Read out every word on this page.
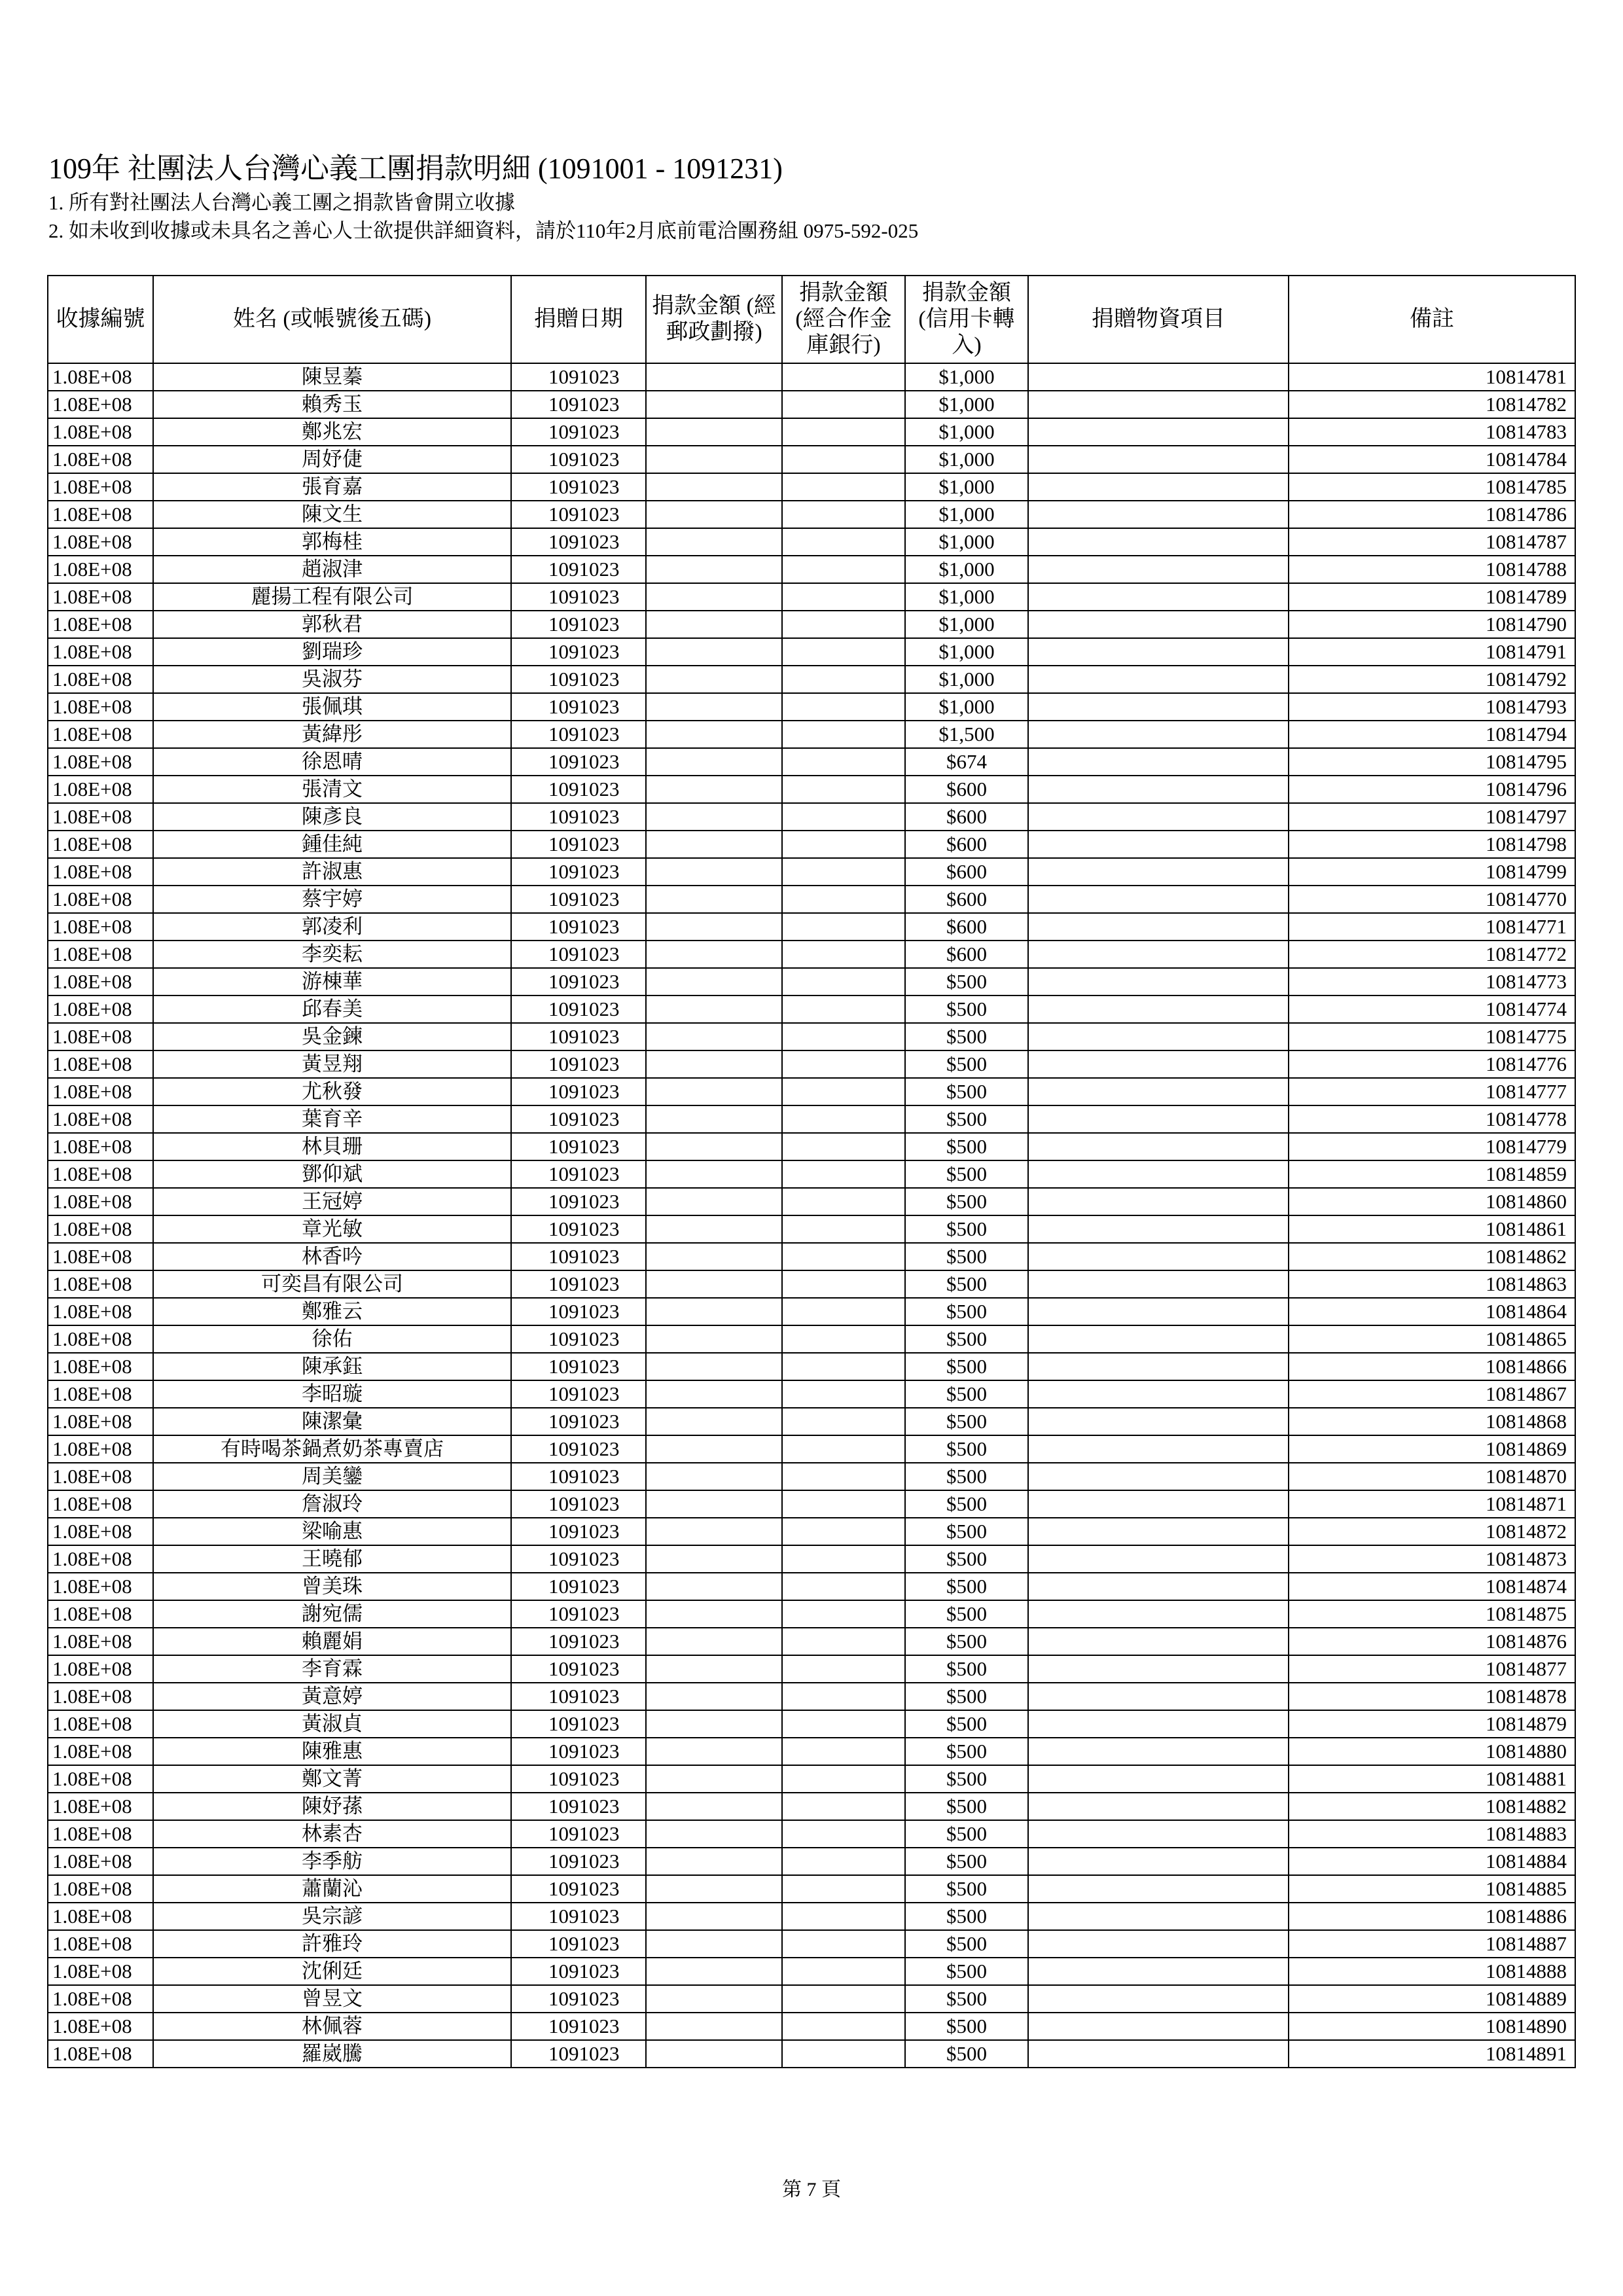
109年 社團法人台灣心義工團捐款明細 (1091001 - 1091231)
1. 所有對社團法人台灣心義工團之捐款皆會開立收據
2. 如未收到收據或未具名之善心人士欲提供詳細資料，請於110年2月底前電洽團務組 0975-592-025
收據編號	姓名 (或帳號後五碼)	捐贈日期	捐款金額 (經郵政劃撥)	捐款金額 (經合作金庫銀行)	捐款金額 (信用卡轉入)	捐贈物資項目	備註
1.08E+08	陳昱蓁	1091023			$1,000		10814781
1.08E+08	賴秀玉	1091023			$1,000		10814782
1.08E+08	鄭兆宏	1091023			$1,000		10814783
1.08E+08	周妤倢	1091023			$1,000		10814784
1.08E+08	張育嘉	1091023			$1,000		10814785
1.08E+08	陳文生	1091023			$1,000		10814786
1.08E+08	郭梅桂	1091023			$1,000		10814787
1.08E+08	趙淑津	1091023			$1,000		10814788
1.08E+08	麗揚工程有限公司	1091023			$1,000		10814789
1.08E+08	郭秋君	1091023			$1,000		10814790
1.08E+08	劉瑞珍	1091023			$1,000		10814791
1.08E+08	吳淑芬	1091023			$1,000		10814792
1.08E+08	張佩琪	1091023			$1,000		10814793
1.08E+08	黃緯彤	1091023			$1,500		10814794
1.08E+08	徐恩晴	1091023			$674		10814795
1.08E+08	張清文	1091023			$600		10814796
1.08E+08	陳彥良	1091023			$600		10814797
1.08E+08	鍾佳純	1091023			$600		10814798
1.08E+08	許淑惠	1091023			$600		10814799
1.08E+08	蔡宇婷	1091023			$600		10814770
1.08E+08	郭凌利	1091023			$600		10814771
1.08E+08	李奕耘	1091023			$600		10814772
1.08E+08	游棟華	1091023			$500		10814773
1.08E+08	邱春美	1091023			$500		10814774
1.08E+08	吳金鍊	1091023			$500		10814775
1.08E+08	黃昱翔	1091023			$500		10814776
1.08E+08	尤秋發	1091023			$500		10814777
1.08E+08	葉育辛	1091023			$500		10814778
1.08E+08	林貝珊	1091023			$500		10814779
1.08E+08	鄧仰斌	1091023			$500		10814859
1.08E+08	王冠婷	1091023			$500		10814860
1.08E+08	章光敏	1091023			$500		10814861
1.08E+08	林香吟	1091023			$500		10814862
1.08E+08	可奕昌有限公司	1091023			$500		10814863
1.08E+08	鄭雅云	1091023			$500		10814864
1.08E+08	徐佑	1091023			$500		10814865
1.08E+08	陳承鈺	1091023			$500		10814866
1.08E+08	李昭璇	1091023			$500		10814867
1.08E+08	陳潔彙	1091023			$500		10814868
1.08E+08	有時喝茶鍋煮奶茶專賣店	1091023			$500		10814869
1.08E+08	周美鑾	1091023			$500		10814870
1.08E+08	詹淑玲	1091023			$500		10814871
1.08E+08	梁喻惠	1091023			$500		10814872
1.08E+08	王曉郁	1091023			$500		10814873
1.08E+08	曾美珠	1091023			$500		10814874
1.08E+08	謝宛儒	1091023			$500		10814875
1.08E+08	賴麗娟	1091023			$500		10814876
1.08E+08	李育霖	1091023			$500		10814877
1.08E+08	黃意婷	1091023			$500		10814878
1.08E+08	黃淑貞	1091023			$500		10814879
1.08E+08	陳雅惠	1091023			$500		10814880
1.08E+08	鄭文菁	1091023			$500		10814881
1.08E+08	陳妤蓀	1091023			$500		10814882
1.08E+08	林素杏	1091023			$500		10814883
1.08E+08	李季舫	1091023			$500		10814884
1.08E+08	蕭蘭沁	1091023			$500		10814885
1.08E+08	吳宗諺	1091023			$500		10814886
1.08E+08	許雅玲	1091023			$500		10814887
1.08E+08	沈俐廷	1091023			$500		10814888
1.08E+08	曾昱文	1091023			$500		10814889
1.08E+08	林佩蓉	1091023			$500		10814890
1.08E+08	羅崴騰	1091023			$500		10814891
第 7 頁
